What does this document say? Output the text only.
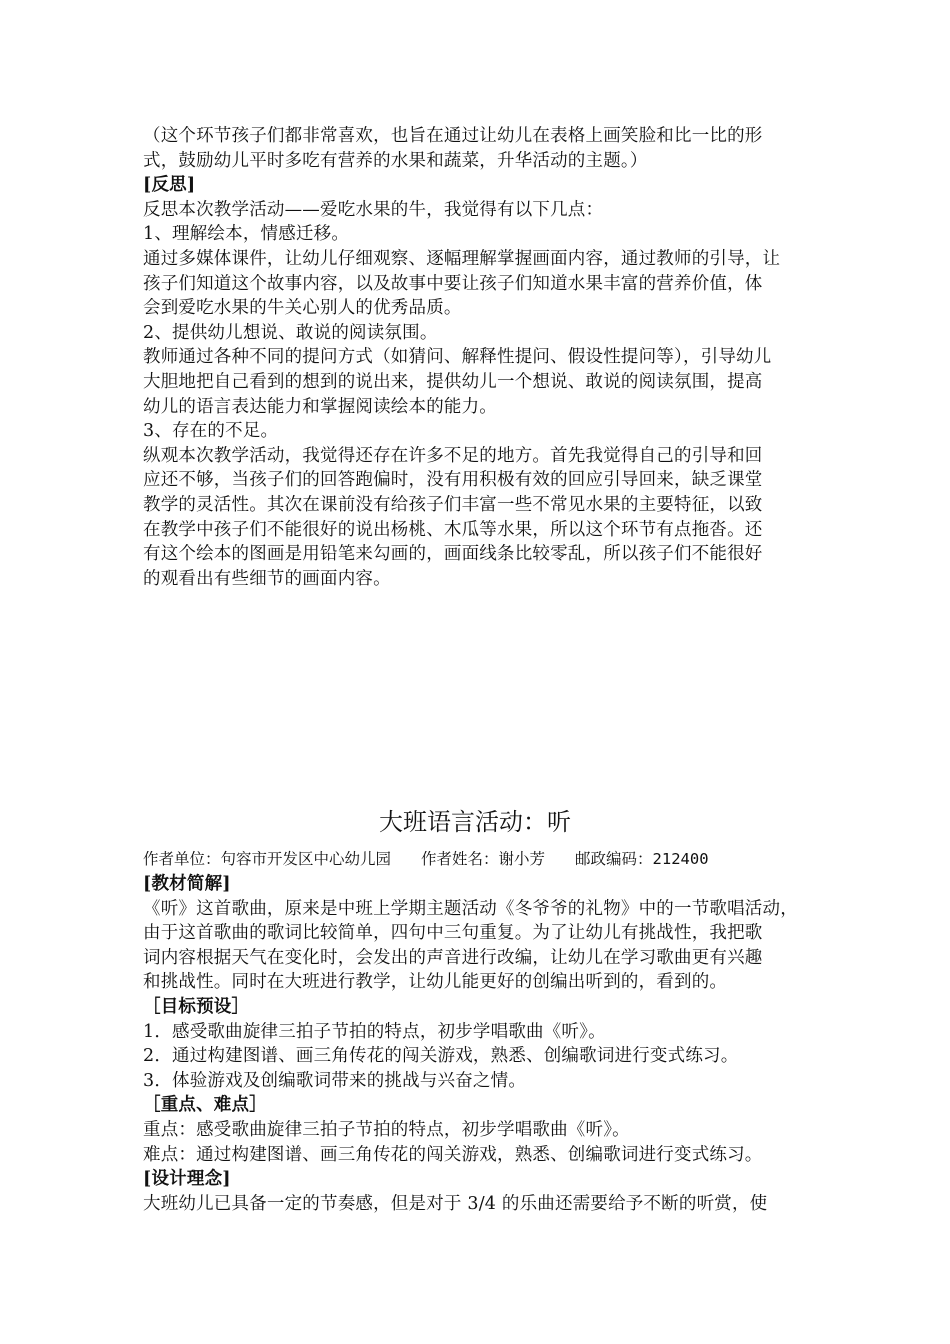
（这个环节孩子们都非常喜欢，也旨在通过让幼儿在表格上画笑脸和比一比的形
式，鼓励幼儿平时多吃有营养的水果和蔬菜，升华活动的主题。）
[反思]
反思本次教学活动——爱吃水果的牛，我觉得有以下几点：
1、理解绘本，情感迁移。
通过多媒体课件，让幼儿仔细观察、逐幅理解掌握画面内容，通过教师的引导，让
孩子们知道这个故事内容，以及故事中要让孩子们知道水果丰富的营养价值，体
会到爱吃水果的牛关心别人的优秀品质。
2、提供幼儿想说、敢说的阅读氛围。
教师通过各种不同的提问方式（如猜问、解释性提问、假设性提问等），引导幼儿
大胆地把自己看到的想到的说出来，提供幼儿一个想说、敢说的阅读氛围，提高
幼儿的语言表达能力和掌握阅读绘本的能力。
3、存在的不足。
纵观本次教学活动，我觉得还存在许多不足的地方。首先我觉得自己的引导和回
应还不够，当孩子们的回答跑偏时，没有用积极有效的回应引导回来，缺乏课堂
教学的灵活性。其次在课前没有给孩子们丰富一些不常见水果的主要特征，以致
在教学中孩子们不能很好的说出杨桃、木瓜等水果，所以这个环节有点拖沓。还
有这个绘本的图画是用铅笔来勾画的，画面线条比较零乱，所以孩子们不能很好
的观看出有些细节的画面内容。
大班语言活动：听
作者单位：句容市开发区中心幼儿园 作者姓名：谢小芳 邮政编码：212400
[教材简解]
《听》这首歌曲，原来是中班上学期主题活动《冬爷爷的礼物》中的一节歌唱活动，
由于这首歌曲的歌词比较简单，四句中三句重复。为了让幼儿有挑战性，我把歌
词内容根据天气在变化时，会发出的声音进行改编，让幼儿在学习歌曲更有兴趣
和挑战性。同时在大班进行教学，让幼儿能更好的创编出听到的，看到的。
［目标预设］
1．感受歌曲旋律三拍子节拍的特点，初步学唱歌曲《听》。
2．通过构建图谱、画三角传花的闯关游戏，熟悉、创编歌词进行变式练习。
3．体验游戏及创编歌词带来的挑战与兴奋之情。
［重点、难点］
重点：感受歌曲旋律三拍子节拍的特点，初步学唱歌曲《听》。
难点：通过构建图谱、画三角传花的闯关游戏，熟悉、创编歌词进行变式练习。
[设计理念]
大班幼儿已具备一定的节奏感，但是对于 3/4 的乐曲还需要给予不断的听赏，使
